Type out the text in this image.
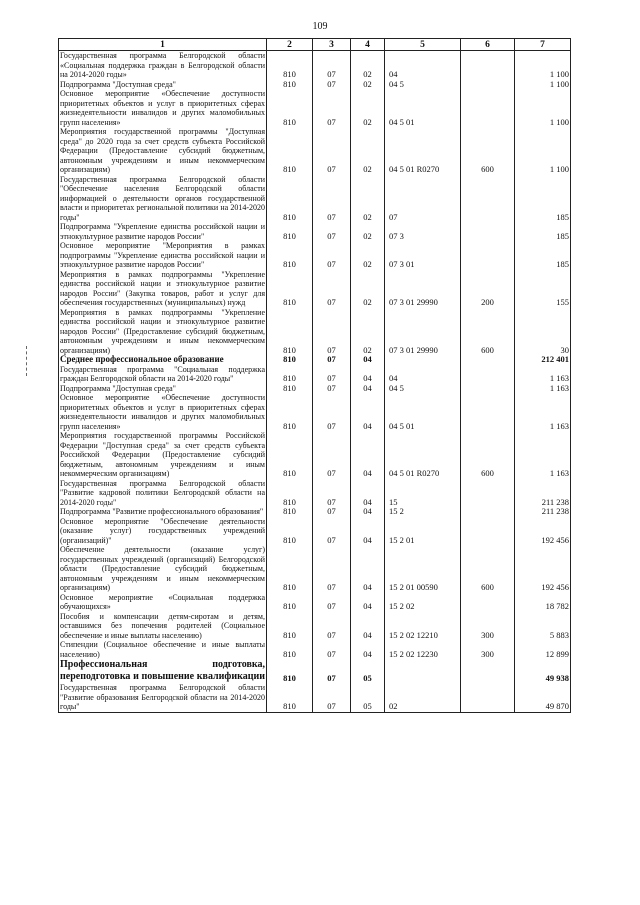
109
1	2	3	4	5	6	7
Государственная программа Белгородской области «Социальная поддержка граждан в Белгородской области на 2014-2020 годы»	810	07	02	04		1 100
Подпрограмма "Доступная среда"	810	07	02	04 5		1 100
Основное мероприятие «Обеспечение доступности приоритетных объектов и услуг в приоритетных сферах жизнедеятельности инвалидов и других маломобильных групп населения»	810	07	02	04 5 01		1 100
Мероприятия государственной программы "Доступная среда" до 2020 года за счет средств субъекта Российской Федерации (Предоставление субсидий бюджетным, автономным учреждениям и иным некоммерческим организациям)	810	07	02	04 5 01 R0270	600	1 100
Государственная программа Белгородской области "Обеспечение населения Белгородской области информацией о деятельности органов государственной власти и приоритетах региональной политики на 2014-2020 годы"	810	07	02	07		185
Подпрограмма "Укрепление единства российской нации и этнокультурное развитие народов России"	810	07	02	07 3		185
Основное мероприятие "Мероприятия в рамках подпрограммы "Укрепление единства российской нации и этнокультурное развитие народов России"	810	07	02	07 3 01		185
Мероприятия в рамках подпрограммы "Укрепление единства российской нации и этнокультурное развитие народов России" (Закупка товаров, работ и услуг для обеспечения государственных (муниципальных) нужд	810	07	02	07 3 01 29990	200	155
Мероприятия в рамках подпрограммы "Укрепление единства российской нации и этнокультурное развитие народов России" (Предоставление субсидий бюджетным, автономным учреждениям и иным некоммерческим организациям)	810	07	02	07 3 01 29990	600	30
Среднее профессиональное образование	810	07	04			212 401
Государственная программа "Социальная поддержка граждан Белгородской области на 2014-2020 годы"	810	07	04	04		1 163
Подпрограмма "Доступная среда"	810	07	04	04 5		1 163
Основное мероприятие «Обеспечение доступности приоритетных объектов и услуг в приоритетных сферах жизнедеятельности инвалидов и других маломобильных групп населения»	810	07	04	04 5 01		1 163
Мероприятия государственной программы Российской Федерации "Доступная среда" за счет средств субъекта Российской Федерации (Предоставление субсидий бюджетным, автономным учреждениям и иным некоммерческим организациям)	810	07	04	04 5 01 R0270	600	1 163
Государственная программа Белгородской области "Развитие кадровой политики Белгородской области на 2014-2020 годы"	810	07	04	15		211 238
Подпрограмма "Развитие профессионального образования"	810	07	04	15 2		211 238
Основное мероприятие "Обеспечение деятельности (оказание услуг) государственных учреждений (организаций)"	810	07	04	15 2 01		192 456
Обеспечение деятельности (оказание услуг) государственных учреждений (организаций) Белгородской области (Предоставление субсидий бюджетным, автономным учреждениям и иным некоммерческим организациям)	810	07	04	15 2 01 00590	600	192 456
Основное мероприятие «Социальная поддержка обучающихся»	810	07	04	15 2 02		18 782
Пособия и компенсации детям-сиротам и детям, оставшимся без попечения родителей (Социальное обеспечение и иные выплаты населению)	810	07	04	15 2 02 12210	300	5 883
Стипендии (Социальное обеспечение и иные выплаты населению)	810	07	04	15 2 02 12230	300	12 899
Профессиональная подготовка, переподготовка и повышение квалификации	810	07	05			49 938
Государственная программа Белгородской области "Развитие образования Белгородской области на 2014-2020 годы"	810	07	05	02		49 870
